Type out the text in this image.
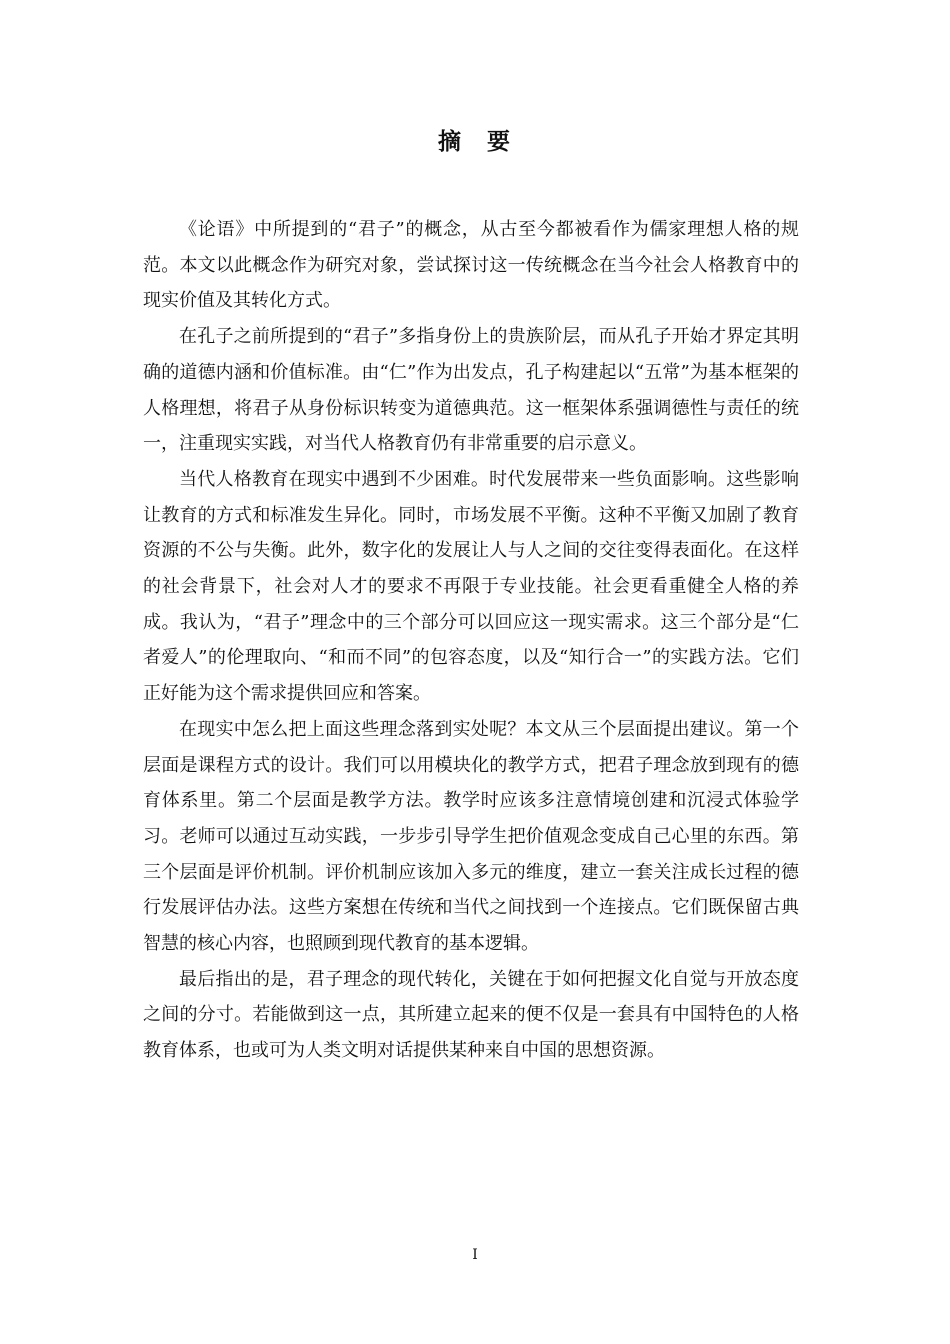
摘 要

《论语》中所提到的“君子”的概念，从古至今都被看作为儒家理想人格的规范。本文以此概念作为研究对象，尝试探讨这一传统概念在当今社会人格教育中的现实价值及其转化方式。

在孔子之前所提到的“君子”多指身份上的贵族阶层，而从孔子开始才界定其明确的道德内涵和价值标准。由“仁”作为出发点，孔子构建起以“五常”为基本框架的人格理想，将君子从身份标识转变为道德典范。这一框架体系强调德性与责任的统一，注重现实实践，对当代人格教育仍有非常重要的启示意义。

当代人格教育在现实中遇到不少困难。时代发展带来一些负面影响。这些影响让教育的方式和标准发生异化。同时，市场发展不平衡。这种不平衡又加剧了教育资源的不公与失衡。此外，数字化的发展让人与人之间的交往变得表面化。在这样的社会背景下，社会对人才的要求不再限于专业技能。社会更看重健全人格的养成。我认为，“君子”理念中的三个部分可以回应这一现实需求。这三个部分是“仁者爱人”的伦理取向、“和而不同”的包容态度，以及“知行合一”的实践方法。它们正好能为这个需求提供回应和答案。

在现实中怎么把上面这些理念落到实处呢？本文从三个层面提出建议。第一个层面是课程方式的设计。我们可以用模块化的教学方式，把君子理念放到现有的德育体系里。第二个层面是教学方法。教学时应该多注意情境创建和沉浸式体验学习。老师可以通过互动实践，一步步引导学生把价值观念变成自己心里的东西。第三个层面是评价机制。评价机制应该加入多元的维度，建立一套关注成长过程的德行发展评估办法。这些方案想在传统和当代之间找到一个连接点。它们既保留古典智慧的核心内容，也照顾到现代教育的基本逻辑。

最后指出的是，君子理念的现代转化，关键在于如何把握文化自觉与开放态度之间的分寸。若能做到这一点，其所建立起来的便不仅是一套具有中国特色的人格教育体系，也或可为人类文明对话提供某种来自中国的思想资源。

I
